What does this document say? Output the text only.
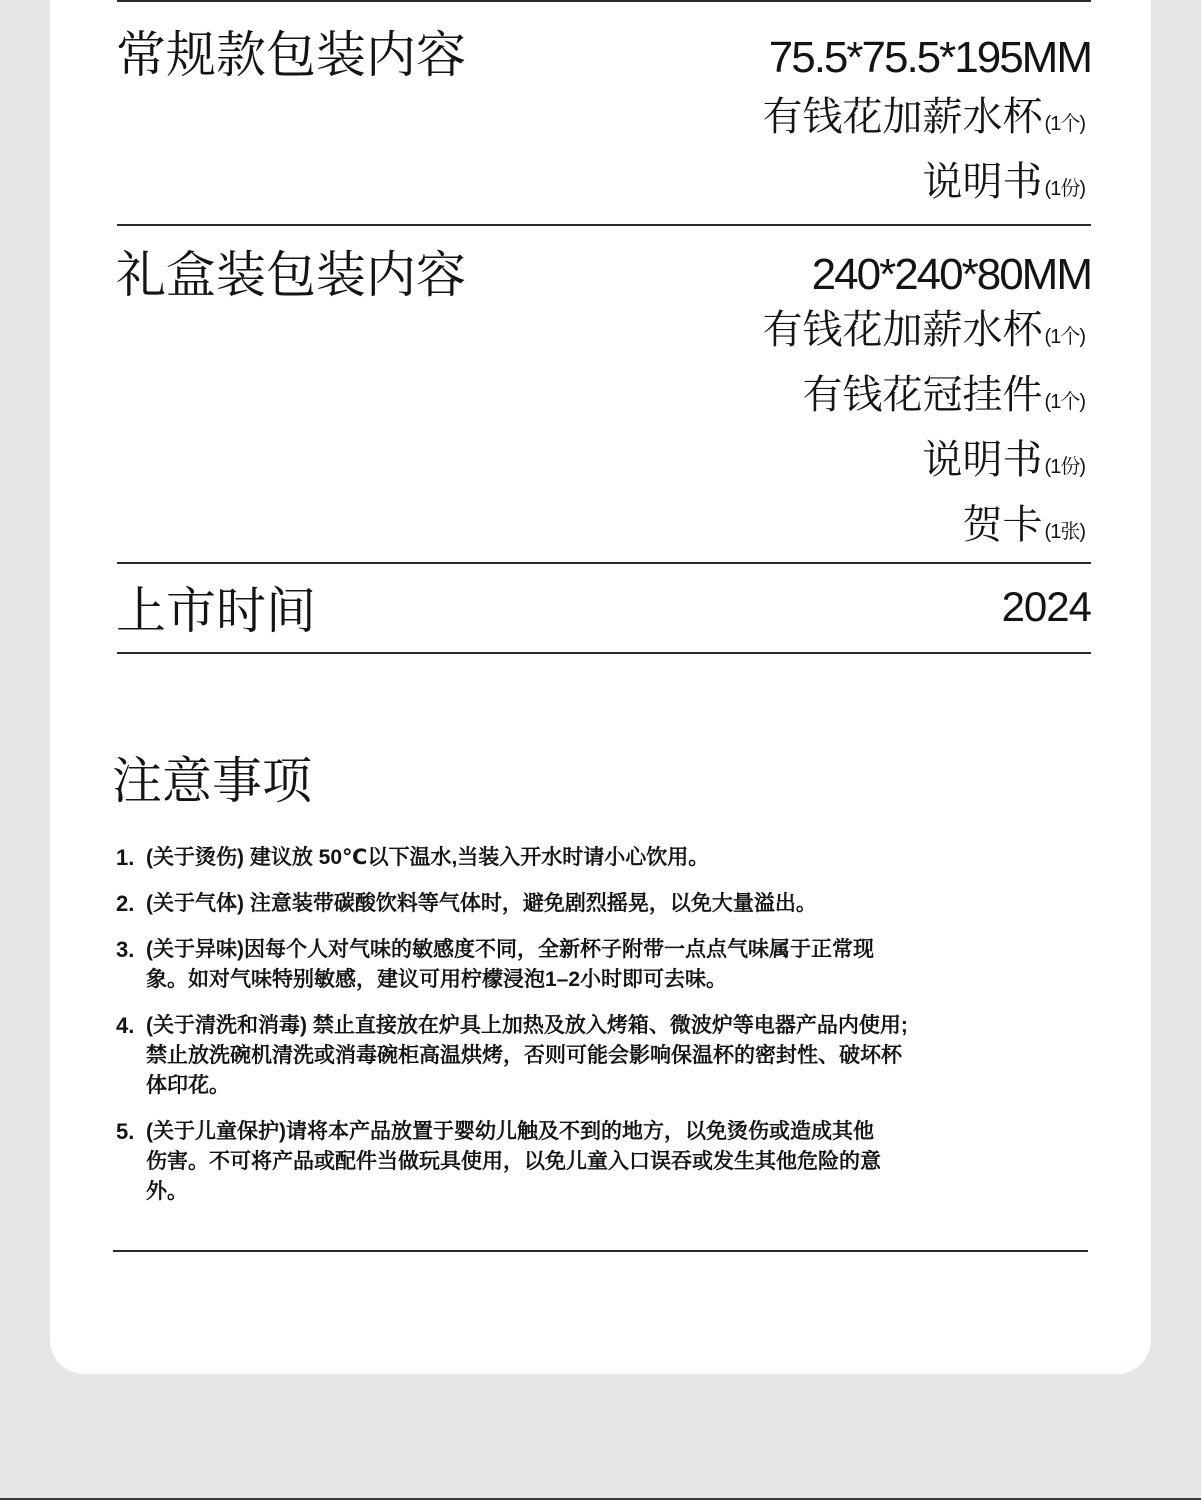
常规款包装内容	75.5*75.5*195MM
有钱花加薪水杯 (1个)
说明书 (1份)
礼盒装包装内容	240*240*80MM
有钱花加薪水杯 (1个)
有钱花冠挂件 (1个)
说明书 (1份)
贺卡 (1张)
上市时间	2024
注意事项
1. (关于烫伤) 建议放 50℃以下温水,当装入开水时请小心饮用。
2. (关于气体) 注意装带碳酸饮料等气体时，避免剧烈摇晃，以免大量溢出。
3. (关于异味)因每个人对气味的敏感度不同，全新杯子附带一点点气味属于正常现
象。如对气味特别敏感，建议可用柠檬浸泡1–2小时即可去味。
4. (关于清洗和消毒) 禁止直接放在炉具上加热及放入烤箱、微波炉等电器产品内使用;
禁止放洗碗机清洗或消毒碗柜高温烘烤，否则可能会影响保温杯的密封性、破坏杯
体印花。
5. (关于儿童保护)请将本产品放置于婴幼儿触及不到的地方，以免烫伤或造成其他
伤害。不可将产品或配件当做玩具使用，以免儿童入口误吞或发生其他危险的意
外。
